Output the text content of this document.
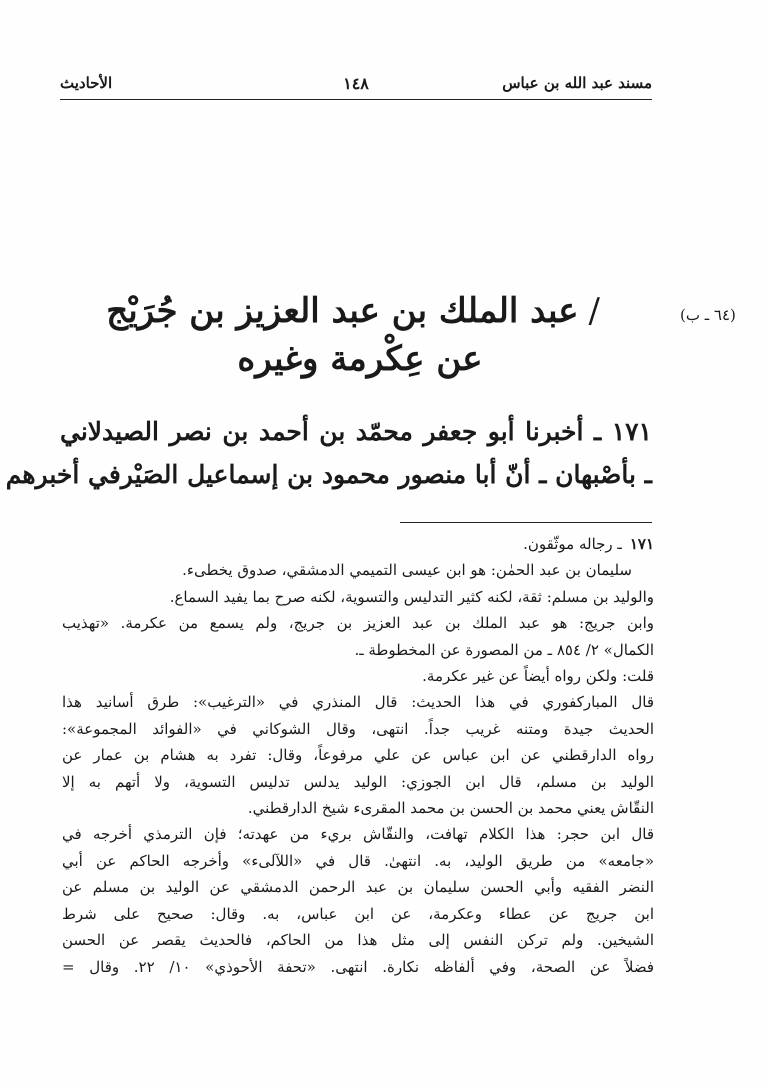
مسند عبد الله بن عباس
١٤٨
الأحاديث
(٦٤ ـ ب)
/عبد الملك بن عبد العزيز بن جُرَيْج
عن عِكْرمة وغيره
١٧١ ـ أخبرنا أبو جعفر محمّد بن أحمد بن نصر الصيدلاني
ـ بأصْبهان ـ أنّ أبا منصور محمود بن إسماعيل الصَيْرفي أخبرهم
١٧١ـ رجاله موثّقون.
سليمان بن عبد الحمٰن: هو ابن عيسى التميمي الدمشقي، صدوق يخطىء.
والوليد بن مسلم: ثقة، لكنه كثير التدليس والتسوية، لكنه صرح بما يفيد السماع.
وابن جريج: هو عبد الملك بن عبد العزيز بن جريج، ولم يسمع من عكرمة. «تهذيب
الكمال» ٢/ ٨٥٤ ـ من المصورة عن المخطوطة ـ.
قلت: ولكن رواه أيضاً عن غير عكرمة.
قال المباركفوري في هذا الحديث: قال المنذري في «الترغيب»: طرق أسانيد هذا
الحديث جيدة ومتنه غريب جداً. انتهى، وقال الشوكاني في «الفوائد المجموعة»:
رواه الدارقطني عن ابن عباس عن علي مرفوعاً، وقال: تفرد به هشام بن عمار عن
الوليد بن مسلم، قال ابن الجوزي: الوليد يدلس تدليس التسوية، ولا أتهم به إلا
النقّاش يعني محمد بن الحسن بن محمد المقرىء شيخ الدارقطني.
قال ابن حجر: هذا الكلام تهافت، والنقّاش بريء من عهدته؛ فإن الترمذي أخرجه في
«جامعه» من طريق الوليد، به. انتهىٰ. قال في «اللآلىء» وأخرجه الحاكم عن أبي
النضر الفقيه وأبي الحسن سليمان بن عبد الرحمن الدمشقي عن الوليد بن مسلم عن
ابن جريج عن عطاء وعكرمة، عن ابن عباس، به. وقال: صحيح على شرط
الشيخين. ولم تركن النفس إلى مثل هذا من الحاكم، فالحديث يقصر عن الحسن
فضلاً عن الصحة، وفي ألفاظه نكارة. انتهى. «تحفة الأحوذي» ١٠/ ٢٢. وقال =
